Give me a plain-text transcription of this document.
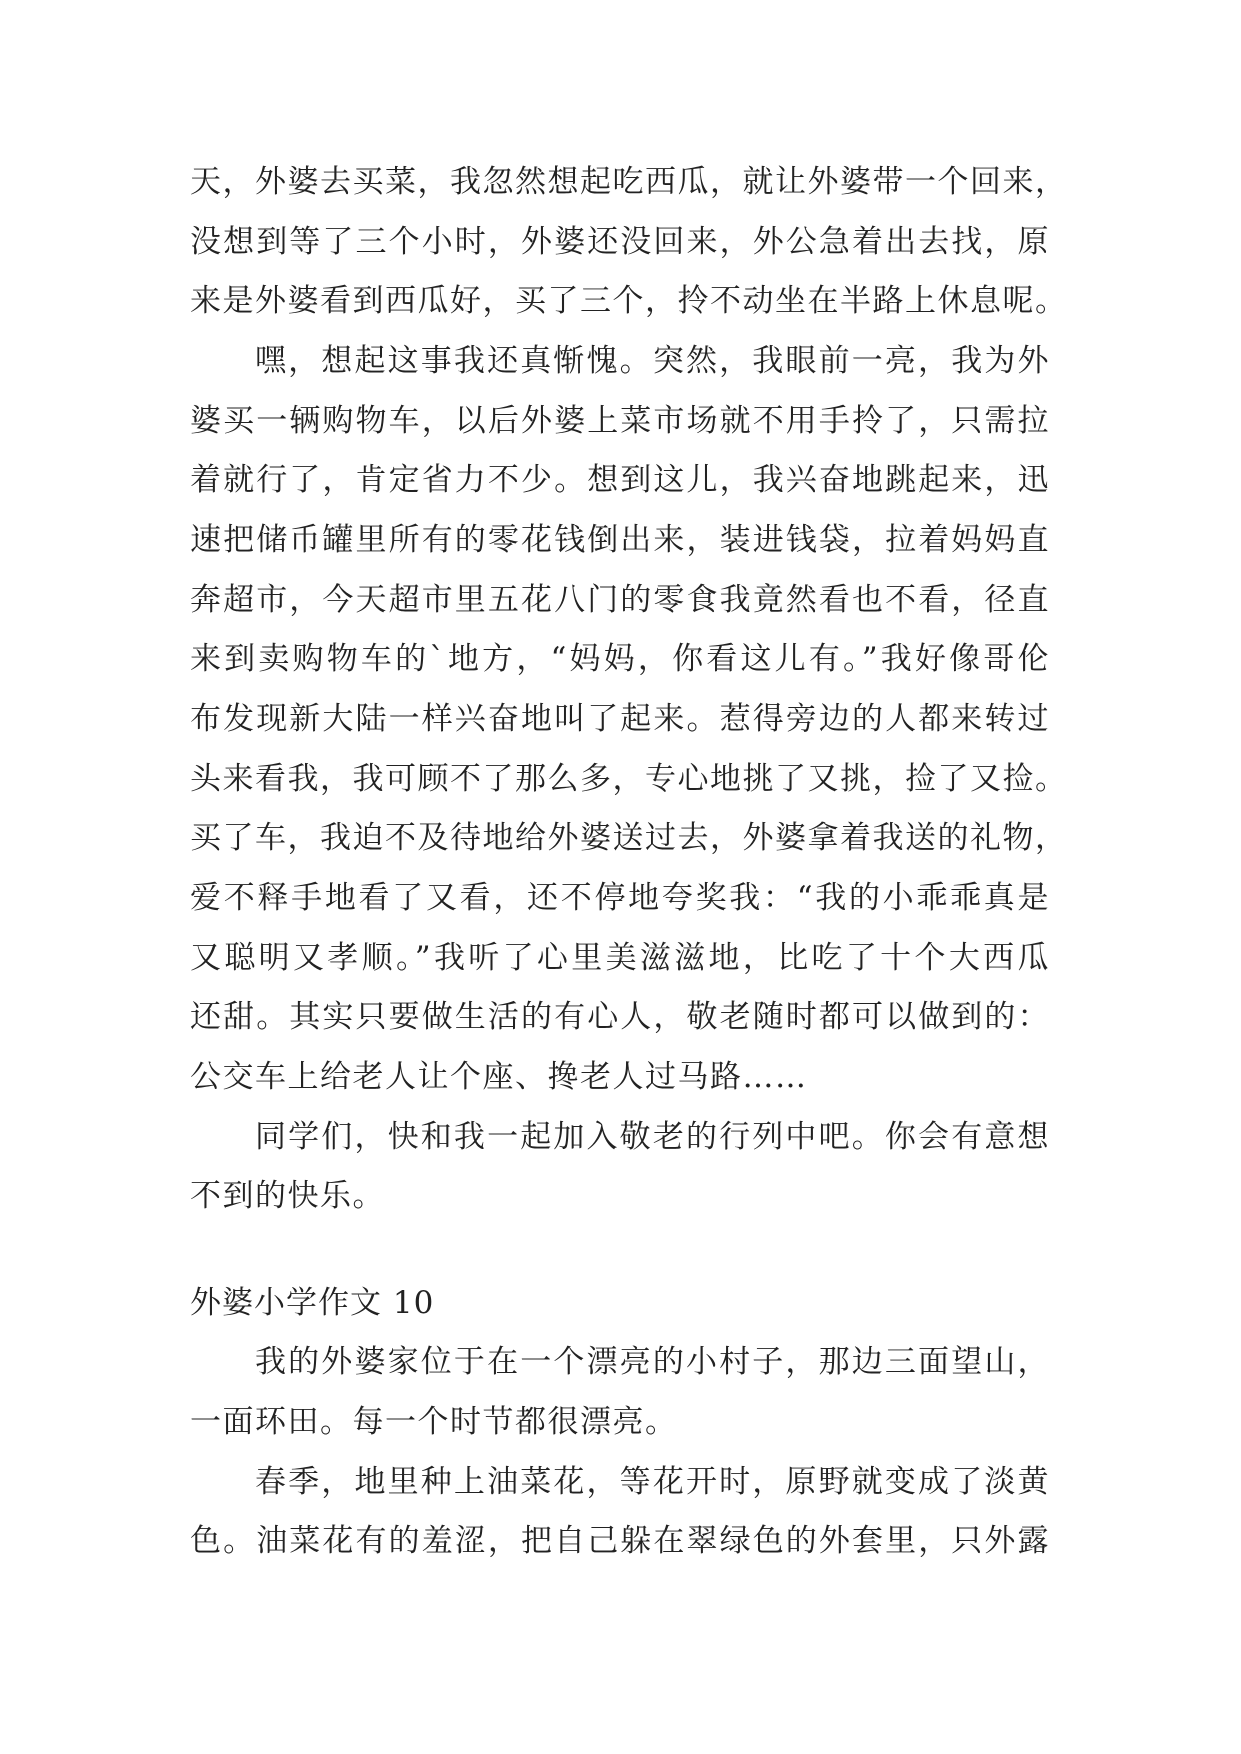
天，外婆去买菜，我忽然想起吃西瓜，就让外婆带一个回来，
没想到等了三个小时，外婆还没回来，外公急着出去找，原
来是外婆看到西瓜好，买了三个，拎不动坐在半路上休息呢。
嘿，想起这事我还真惭愧。突然，我眼前一亮，我为外
婆买一辆购物车，以后外婆上菜市场就不用手拎了，只需拉
着就行了，肯定省力不少。想到这儿，我兴奋地跳起来，迅
速把储币罐里所有的零花钱倒出来，装进钱袋，拉着妈妈直
奔超市，今天超市里五花八门的零食我竟然看也不看，径直
来到卖购物车的`地方，“妈妈，你看这儿有。”我好像哥伦
布发现新大陆一样兴奋地叫了起来。惹得旁边的人都来转过
头来看我，我可顾不了那么多，专心地挑了又挑，捡了又捡。
买了车，我迫不及待地给外婆送过去，外婆拿着我送的礼物，
爱不释手地看了又看，还不停地夸奖我：“我的小乖乖真是
又聪明又孝顺。”我听了心里美滋滋地，比吃了十个大西瓜
还甜。其实只要做生活的有心人，敬老随时都可以做到的：
公交车上给老人让个座、搀老人过马路……
同学们，快和我一起加入敬老的行列中吧。你会有意想
不到的快乐。
外婆小学作文 10
我的外婆家位于在一个漂亮的小村子，那边三面望山，
一面环田。每一个时节都很漂亮。
春季，地里种上油菜花，等花开时，原野就变成了淡黄
色。油菜花有的羞涩，把自己躲在翠绿色的外套里，只外露
